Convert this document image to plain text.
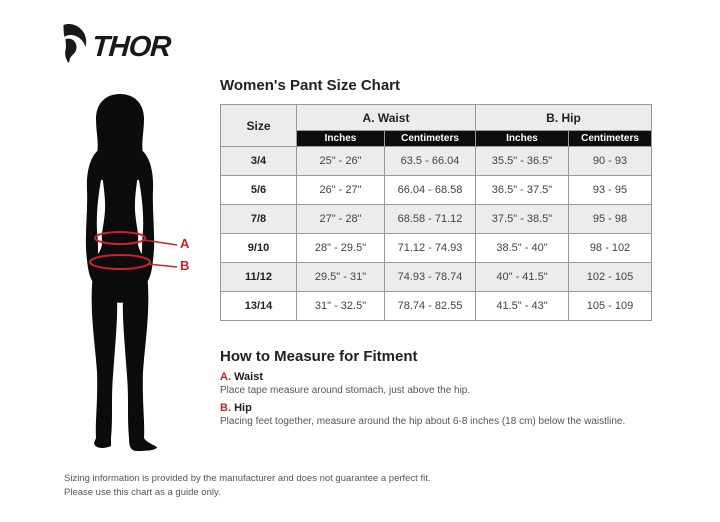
THOR
A
B
Women's Pant Size Chart
Size	A. Waist		B. Hip	
	Inches	Centimeters	Inches	Centimeters
3/4	25" - 26"	63.5 - 66.04	35.5" - 36.5"	90 - 93
5/6	26" - 27"	66.04 - 68.58	36.5" - 37.5"	93 - 95
7/8	27" - 28"	68.58 - 71.12	37.5" - 38.5"	95 - 98
9/10	28" - 29.5"	71.12 - 74.93	38.5" - 40"	98 - 102
11/12	29.5" - 31"	74.93 - 78.74	40" - 41.5"	102 - 105
13/14	31" - 32.5"	78.74 - 82.55	41.5" - 43"	105 - 109
How to Measure for Fitment
A. Waist
Place tape measure around stomach, just above the hip.
B. Hip
Placing feet together, measure around the hip about 6-8 inches (18 cm) below the waistline.
Sizing information is provided by the manufacturer and does not guarantee a perfect fit.
Please use this chart as a guide only.
